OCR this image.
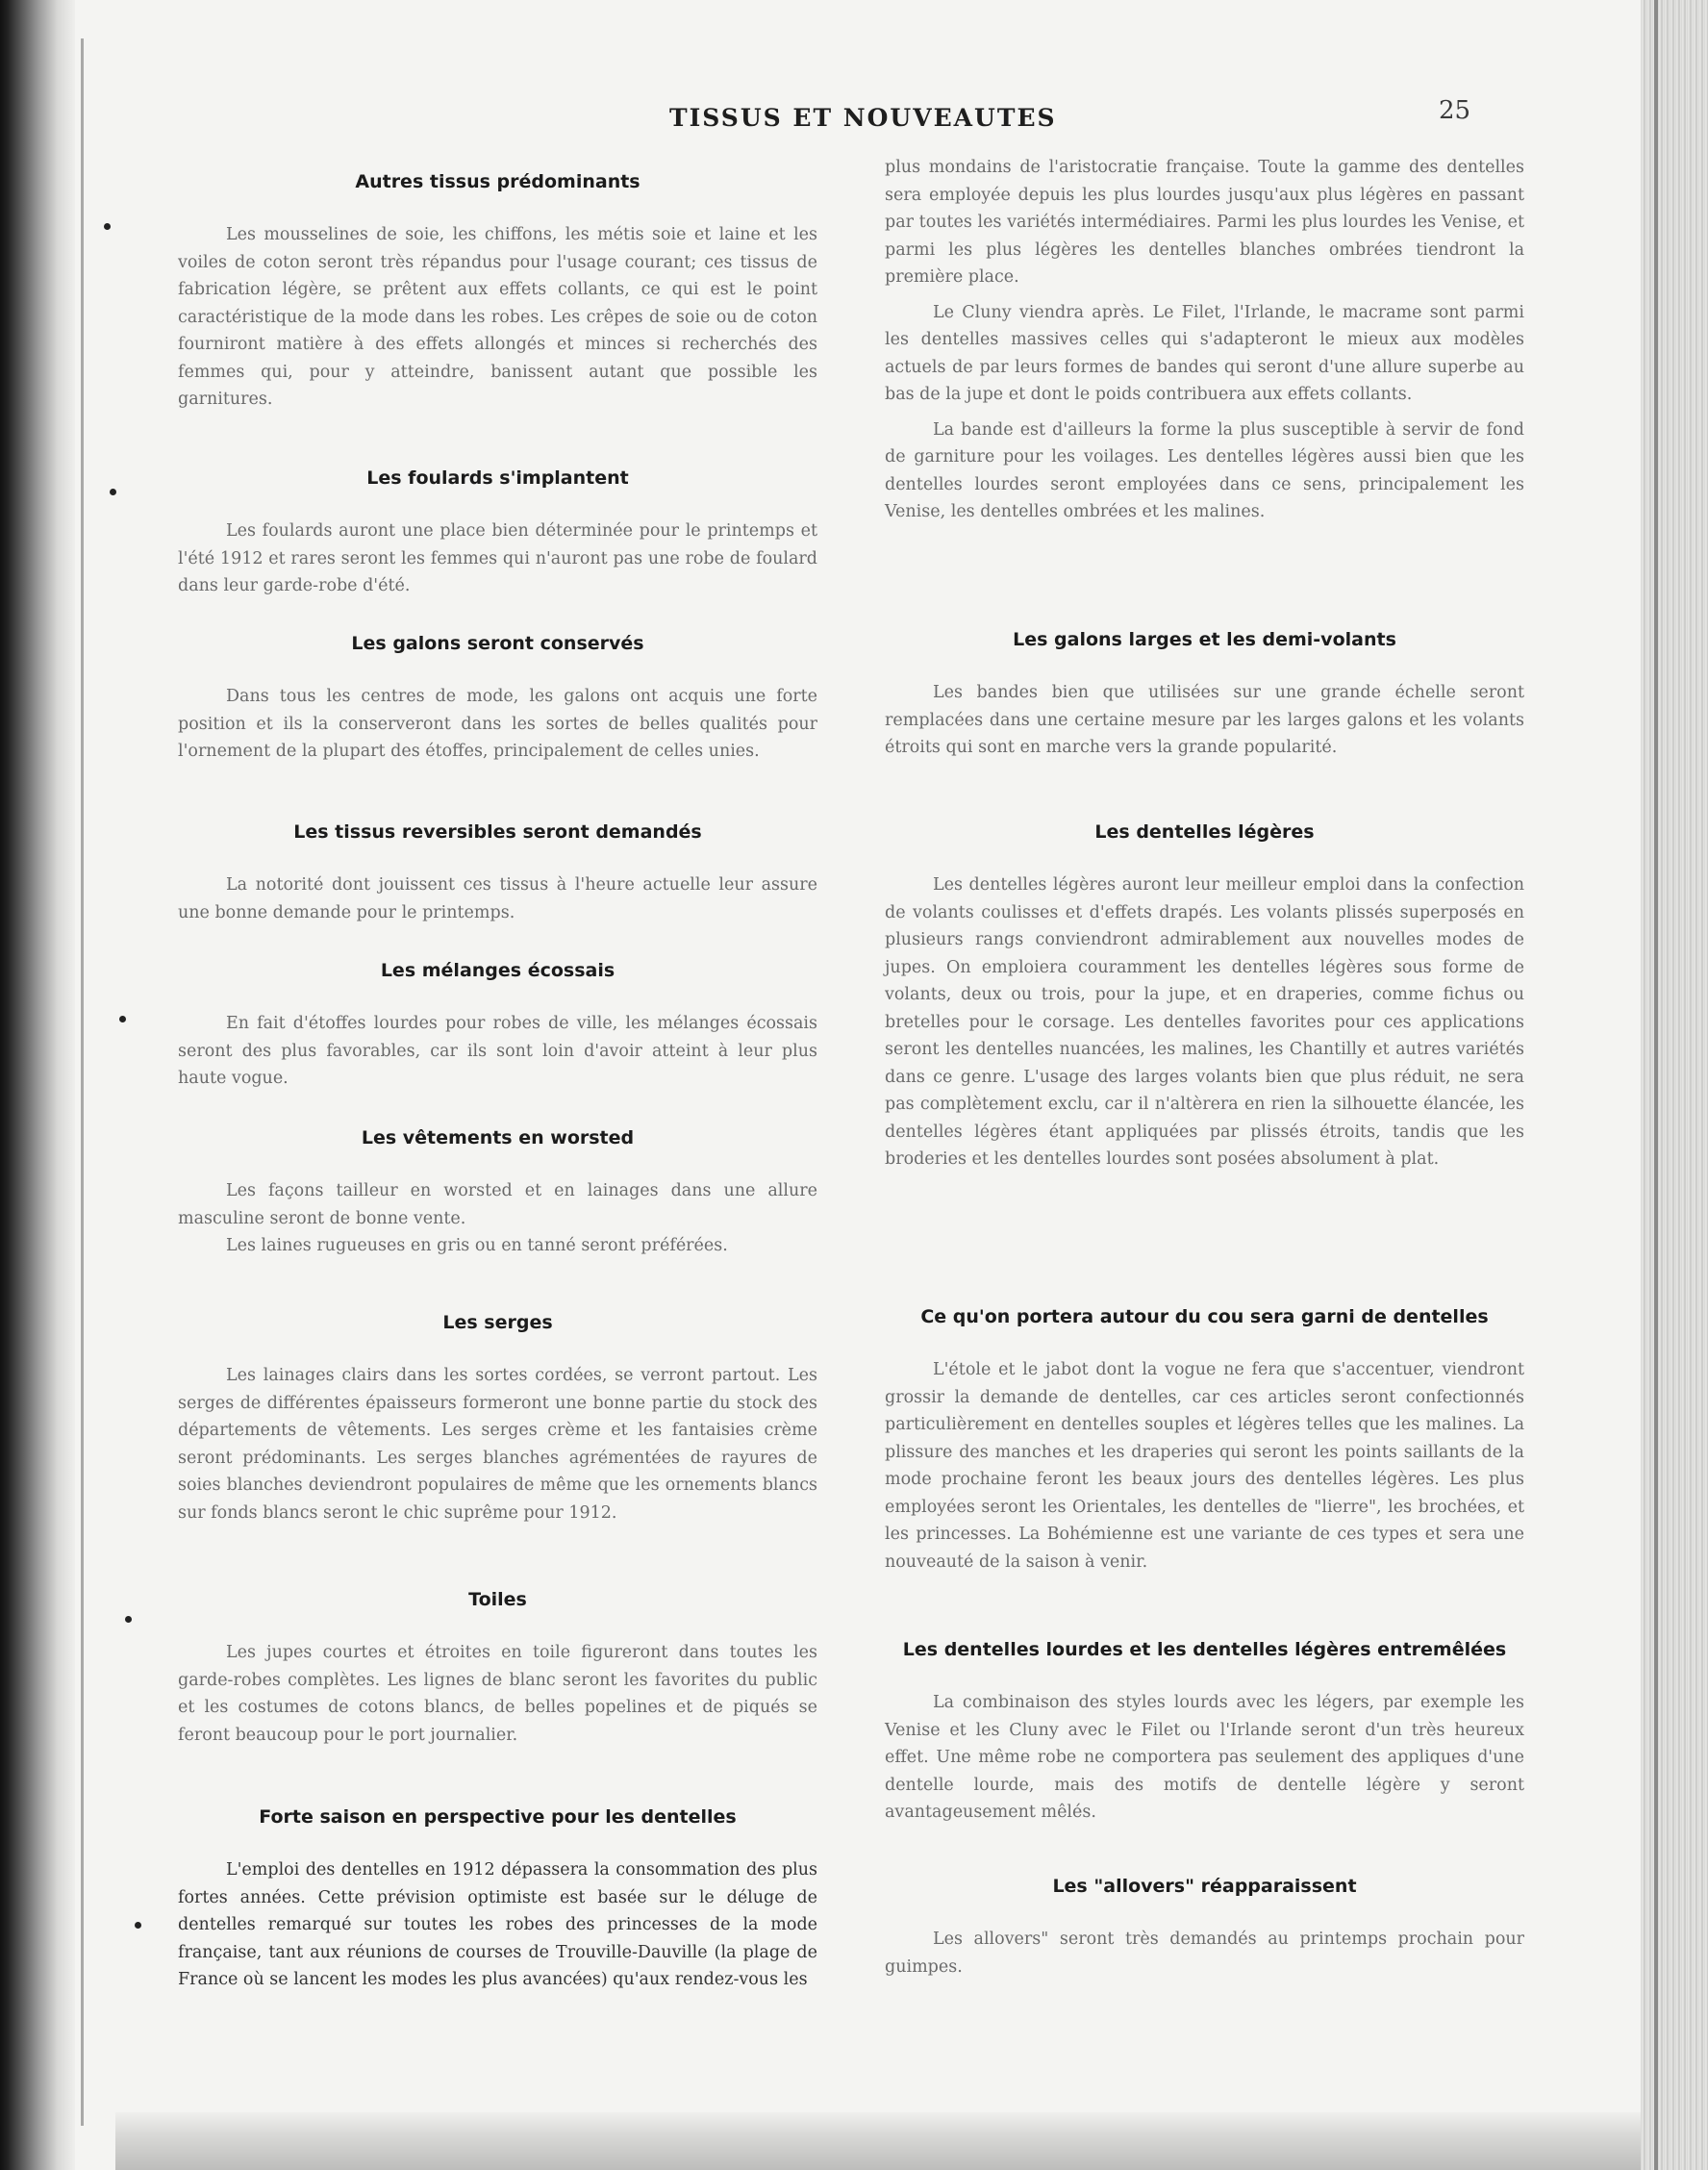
TISSUS ET NOUVEAUTES	25
Autres tissus prédominants

Les mousselines de soie, les chiffons, les métis soie et laine et les voiles de coton seront très répandus pour l'usage courant; ces tissus de fabrication légère, se prêtent aux effets collants, ce qui est le point caractéristique de la mode dans les robes. Les crêpes de soie ou de coton fourniront matière à des effets allongés et minces si recherchés des femmes qui, pour y atteindre, banissent autant que possible les garnitures.

Les foulards s'implantent

Les foulards auront une place bien déterminée pour le printemps et l'été 1912 et rares seront les femmes qui n'auront pas une robe de foulard dans leur garde-robe d'été.

Les galons seront conservés

Dans tous les centres de mode, les galons ont acquis une forte position et ils la conserveront dans les sortes de belles qualités pour l'ornement de la plupart des étoffes, principalement de celles unies.

Les tissus reversibles seront demandés

La notorité dont jouissent ces tissus à l'heure actuelle leur assure une bonne demande pour le printemps.

Les mélanges écossais

En fait d'étoffes lourdes pour robes de ville, les mélanges écossais seront des plus favorables, car ils sont loin d'avoir atteint à leur plus haute vogue.

Les vêtements en worsted

Les façons tailleur en worsted et en lainages dans une allure masculine seront de bonne vente.

Les laines rugueuses en gris ou en tanné seront préférées.

Les serges

Les lainages clairs dans les sortes cordées, se verront partout. Les serges de différentes épaisseurs formeront une bonne partie du stock des départements de vêtements. Les serges crème et les fantaisies crème seront prédominants. Les serges blanches agrémentées de rayures de soies blanches deviendront populaires de même que les ornements blancs sur fonds blancs seront le chic suprême pour 1912.

Toiles

Les jupes courtes et étroites en toile figureront dans toutes les garde-robes complètes. Les lignes de blanc seront les favorites du public et les costumes de cotons blancs, de belles popelines et de piqués se feront beaucoup pour le port journalier.

Forte saison en perspective pour les dentelles

L'emploi des dentelles en 1912 dépassera la consommation des plus fortes années. Cette prévision optimiste est basée sur le déluge de dentelles remarqué sur toutes les robes des princesses de la mode française, tant aux réunions de courses de Trouville-Dauville (la plage de France où se lancent les modes les plus avancées) qu'aux rendez-vous les

plus mondains de l'aristocratie française. Toute la gamme des dentelles sera employée depuis les plus lourdes jusqu'aux plus légères en passant par toutes les variétés intermédiaires. Parmi les plus lourdes les Venise, et parmi les plus légères les dentelles blanches ombrées tiendront la première place.

Le Cluny viendra après. Le Filet, l'Irlande, le macrame sont parmi les dentelles massives celles qui s'adapteront le mieux aux modèles actuels de par leurs formes de bandes qui seront d'une allure superbe au bas de la jupe et dont le poids contribuera aux effets collants.

La bande est d'ailleurs la forme la plus susceptible à servir de fond de garniture pour les voilages. Les dentelles légères aussi bien que les dentelles lourdes seront employées dans ce sens, principalement les Venise, les dentelles ombrées et les malines.

Les galons larges et les demi-volants

Les bandes bien que utilisées sur une grande échelle seront remplacées dans une certaine mesure par les larges galons et les volants étroits qui sont en marche vers la grande popularité.

Les dentelles légères

Les dentelles légères auront leur meilleur emploi dans la confection de volants coulisses et d'effets drapés. Les volants plissés superposés en plusieurs rangs conviendront admirablement aux nouvelles modes de jupes. On emploiera couramment les dentelles légères sous forme de volants, deux ou trois, pour la jupe, et en draperies, comme fichus ou bretelles pour le corsage. Les dentelles favorites pour ces applications seront les dentelles nuancées, les malines, les Chantilly et autres variétés dans ce genre. L'usage des larges volants bien que plus réduit, ne sera pas complètement exclu, car il n'altèrera en rien la silhouette élancée, les dentelles légères étant appliquées par plissés étroits, tandis que les broderies et les dentelles lourdes sont posées absolument à plat.

Ce qu'on portera autour du cou sera garni de dentelles

L'étole et le jabot dont la vogue ne fera que s'accentuer, viendront grossir la demande de dentelles, car ces articles seront confectionnés particulièrement en dentelles souples et légères telles que les malines. La plissure des manches et les draperies qui seront les points saillants de la mode prochaine feront les beaux jours des dentelles légères. Les plus employées seront les Orientales, les dentelles de "lierre", les brochées, et les princesses. La Bohémienne est une variante de ces types et sera une nouveauté de la saison à venir.

Les dentelles lourdes et les dentelles légères entremêlées

La combinaison des styles lourds avec les légers, par exemple les Venise et les Cluny avec le Filet ou l'Irlande seront d'un très heureux effet. Une même robe ne comportera pas seulement des appliques d'une dentelle lourde, mais des motifs de dentelle légère y seront avantageusement mêlés.

Les "allovers" réapparaissent

Les allovers" seront très demandés au printemps prochain pour guimpes.
